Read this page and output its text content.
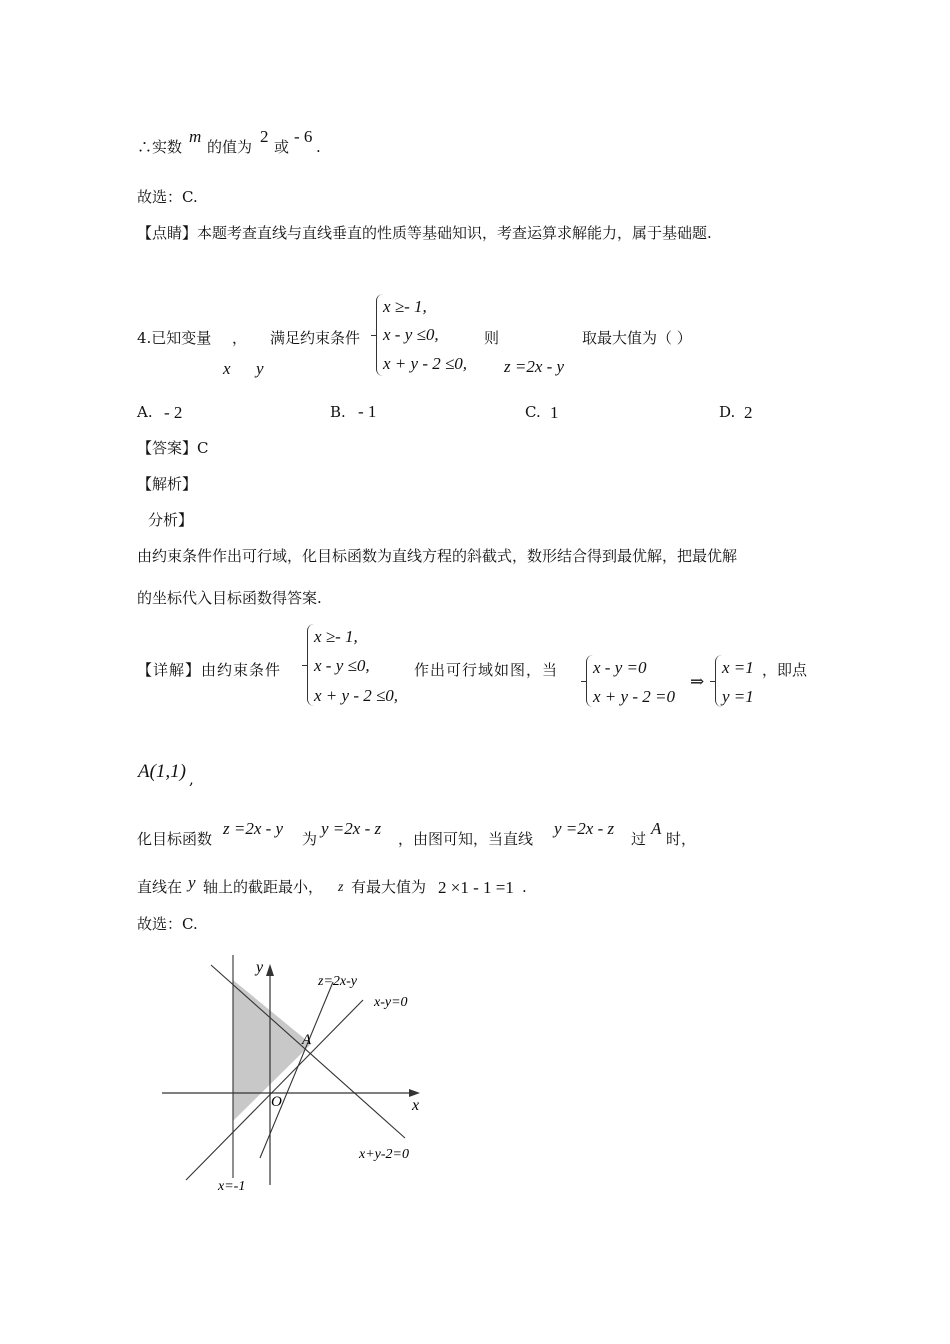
∴实数
m
的值为
2
或
- 6
.
故选：C.
【点睛】本题考查直线与直线垂直的性质等基础知识，考查运算求解能力，属于基础题.
4.已知变量 ， 满足约束条件
x y
x ≥- 1,
x - y ≤0,
x + y - 2 ≤0,
则
z =2x - y
取最大值为（ ）
A. - 2	B. - 1	C. 1	D. 2
【答案】C
【解析】
分析】
由约束条件作出可行域，化目标函数为直线方程的斜截式，数形结合得到最优解，把最优解
的坐标代入目标函数得答案.
【详解】由约束条件
x ≥- 1,
x - y ≤0,
x + y - 2 ≤0,
作出可行域如图，当 x - y =0
x + y - 2 =0
⇒
x =1
y =1
，即点
A(1,1) ,
化目标函数
z =2x - y
为
y =2x - z
，由图可知，当直线
y =2x - z
过
A
时，
直线在 y 轴上的截距最小， z 有最大值为 2 ×1 - 1 =1 .
故选：C.
y
x
O
A
z=2x-y
x-y=0
x+y-2=0
x=-1
